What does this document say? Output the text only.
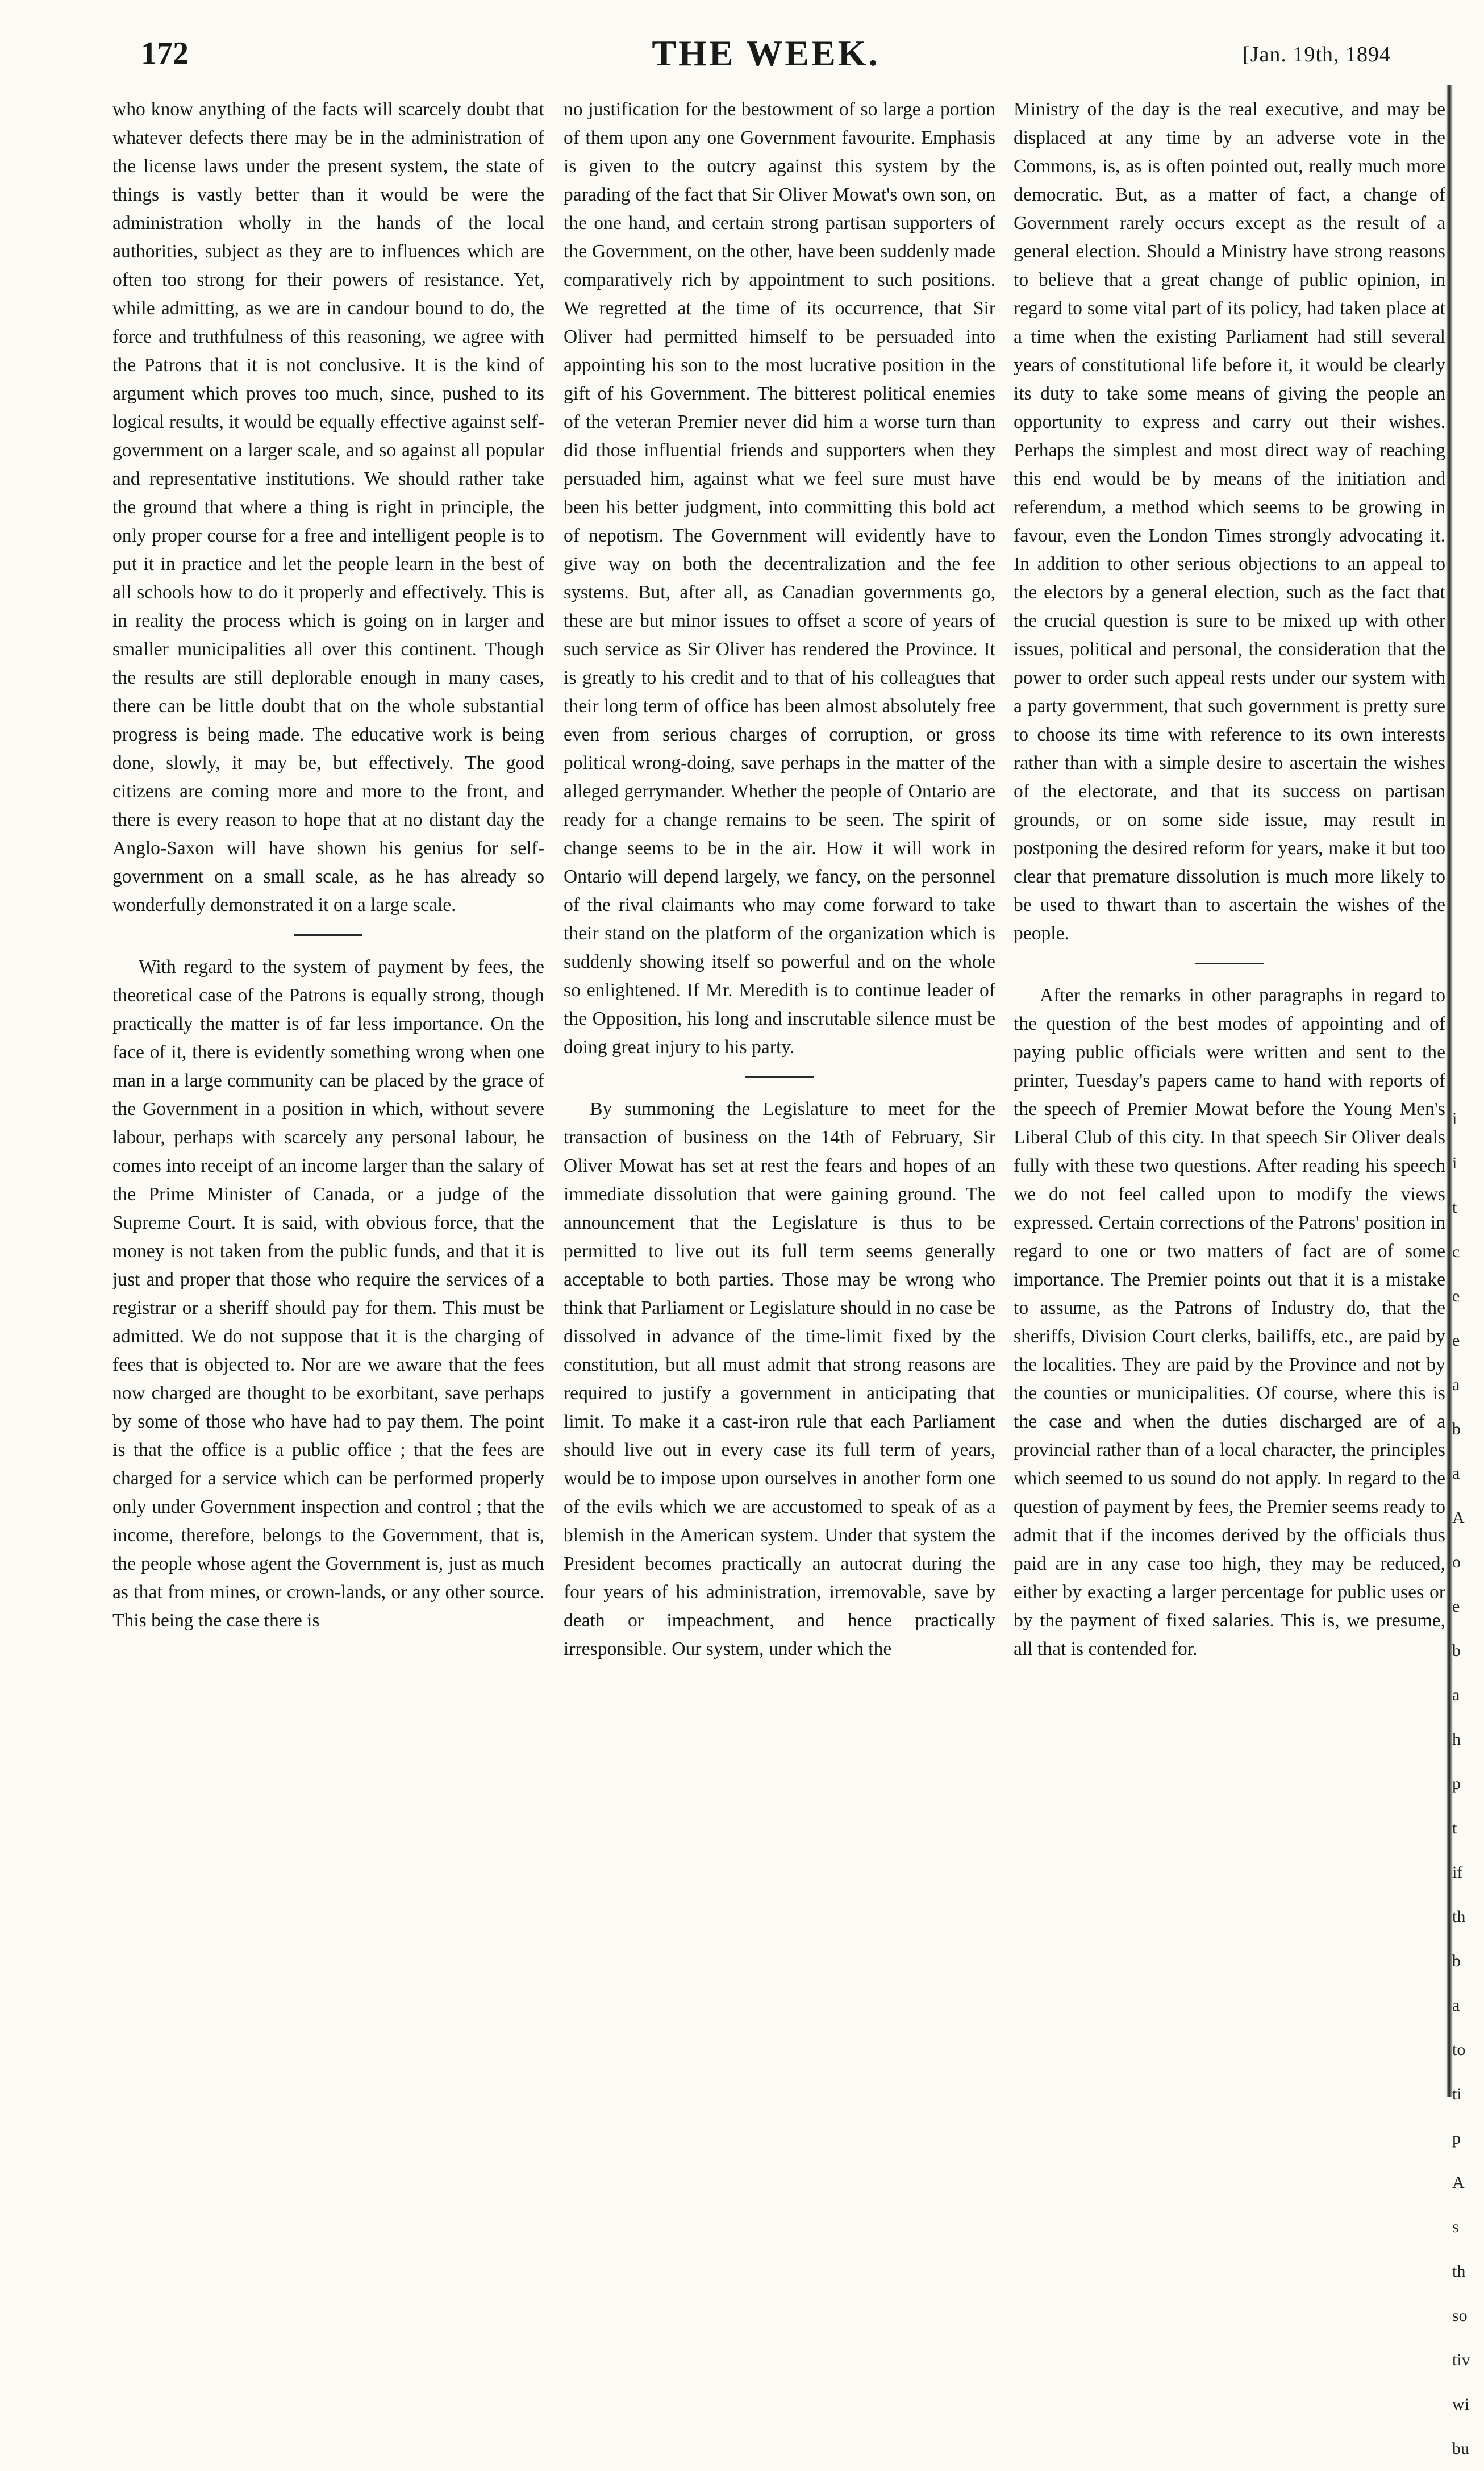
172	THE WEEK.	[Jan. 19th, 1894

who know anything of the facts will scarcely doubt that whatever defects there may be in the administration of the license laws under the present system, the state of things is vastly better than it would be were the administration wholly in the hands of the local authorities, subject as they are to influences which are often too strong for their powers of resistance. Yet, while admitting, as we are in candour bound to do, the force and truthfulness of this reasoning, we agree with the Patrons that it is not conclusive. It is the kind of argument which proves too much, since, pushed to its logical results, it would be equally effective against self-government on a larger scale, and so against all popular and representative institutions. We should rather take the ground that where a thing is right in principle, the only proper course for a free and intelligent people is to put it in practice and let the people learn in the best of all schools how to do it properly and effectively. This is in reality the process which is going on in larger and smaller municipalities all over this continent. Though the results are still deplorable enough in many cases, there can be little doubt that on the whole substantial progress is being made. The educative work is being done, slowly, it may be, but effectively. The good citizens are coming more and more to the front, and there is every reason to hope that at no distant day the Anglo-Saxon will have shown his genius for self-government on a small scale, as he has already so wonderfully demonstrated it on a large scale.

With regard to the system of payment by fees, the theoretical case of the Patrons is equally strong, though practically the matter is of far less importance. On the face of it, there is evidently something wrong when one man in a large community can be placed by the grace of the Government in a position in which, without severe labour, perhaps with scarcely any personal labour, he comes into receipt of an income larger than the salary of the Prime Minister of Canada, or a judge of the Supreme Court. It is said, with obvious force, that the money is not taken from the public funds, and that it is just and proper that those who require the services of a registrar or a sheriff should pay for them. This must be admitted. We do not suppose that it is the charging of fees that is objected to. Nor are we aware that the fees now charged are thought to be exorbitant, save perhaps by some of those who have had to pay them. The point is that the office is a public office ; that the fees are charged for a service which can be performed properly only under Government inspection and control ; that the income, therefore, belongs to the Government, that is, the people whose agent the Government is, just as much as that from mines, or crown-lands, or any other source. This being the case there is

no justification for the bestowment of so large a portion of them upon any one Government favourite. Emphasis is given to the outcry against this system by the parading of the fact that Sir Oliver Mowat's own son, on the one hand, and certain strong partisan supporters of the Government, on the other, have been suddenly made comparatively rich by appointment to such positions. We regretted at the time of its occurrence, that Sir Oliver had permitted himself to be persuaded into appointing his son to the most lucrative position in the gift of his Government. The bitterest political enemies of the veteran Premier never did him a worse turn than did those influential friends and supporters when they persuaded him, against what we feel sure must have been his better judgment, into committing this bold act of nepotism. The Government will evidently have to give way on both the decentralization and the fee systems. But, after all, as Canadian governments go, these are but minor issues to offset a score of years of such service as Sir Oliver has rendered the Province. It is greatly to his credit and to that of his colleagues that their long term of office has been almost absolutely free even from serious charges of corruption, or gross political wrong-doing, save perhaps in the matter of the alleged gerrymander. Whether the people of Ontario are ready for a change remains to be seen. The spirit of change seems to be in the air. How it will work in Ontario will depend largely, we fancy, on the personnel of the rival claimants who may come forward to take their stand on the platform of the organization which is suddenly showing itself so powerful and on the whole so enlightened. If Mr. Meredith is to continue leader of the Opposition, his long and inscrutable silence must be doing great injury to his party.

By summoning the Legislature to meet for the transaction of business on the 14th of February, Sir Oliver Mowat has set at rest the fears and hopes of an immediate dissolution that were gaining ground. The announcement that the Legislature is thus to be permitted to live out its full term seems generally acceptable to both parties. Those may be wrong who think that Parliament or Legislature should in no case be dissolved in advance of the time-limit fixed by the constitution, but all must admit that strong reasons are required to justify a government in anticipating that limit. To make it a cast-iron rule that each Parliament should live out in every case its full term of years, would be to impose upon ourselves in another form one of the evils which we are accustomed to speak of as a blemish in the American system. Under that system the President becomes practically an autocrat during the four years of his administration, irremovable, save by death or impeachment, and hence practically irresponsible. Our system, under which the

Ministry of the day is the real executive, and may be displaced at any time by an adverse vote in the Commons, is, as is often pointed out, really much more democratic. But, as a matter of fact, a change of Government rarely occurs except as the result of a general election. Should a Ministry have strong reasons to believe that a great change of public opinion, in regard to some vital part of its policy, had taken place at a time when the existing Parliament had still several years of constitutional life before it, it would be clearly its duty to take some means of giving the people an opportunity to express and carry out their wishes. Perhaps the simplest and most direct way of reaching this end would be by means of the initiation and referendum, a method which seems to be growing in favour, even the London Times strongly advocating it. In addition to other serious objections to an appeal to the electors by a general election, such as the fact that the crucial question is sure to be mixed up with other issues, political and personal, the consideration that the power to order such appeal rests under our system with a party government, that such government is pretty sure to choose its time with reference to its own interests rather than with a simple desire to ascertain the wishes of the electorate, and that its success on partisan grounds, or on some side issue, may result in postponing the desired reform for years, make it but too clear that premature dissolution is much more likely to be used to thwart than to ascertain the wishes of the people.

After the remarks in other paragraphs in regard to the question of the best modes of appointing and of paying public officials were written and sent to the printer, Tuesday's papers came to hand with reports of the speech of Premier Mowat before the Young Men's Liberal Club of this city. In that speech Sir Oliver deals fully with these two questions. After reading his speech we do not feel called upon to modify the views expressed. Certain corrections of the Patrons' position in regard to one or two matters of fact are of some importance. The Premier points out that it is a mistake to assume, as the Patrons of Industry do, that the sheriffs, Division Court clerks, bailiffs, etc., are paid by the localities. They are paid by the Province and not by the counties or municipalities. Of course, where this is the case and when the duties discharged are of a provincial rather than of a local character, the principles which seemed to us sound do not apply. In regard to the question of payment by fees, the Premier seems ready to admit that if the incomes derived by the officials thus paid are in any case too high, they may be reduced, either by exacting a larger percentage for public uses or by the payment of fixed salaries. This is, we presume, all that is contended for.

i
i
t
c
e
e
a
b
a
A
o
e
b
a
h
p
t
if
th
b
a
to
ti
p
A
s
th
so
tiv
wi
bu
